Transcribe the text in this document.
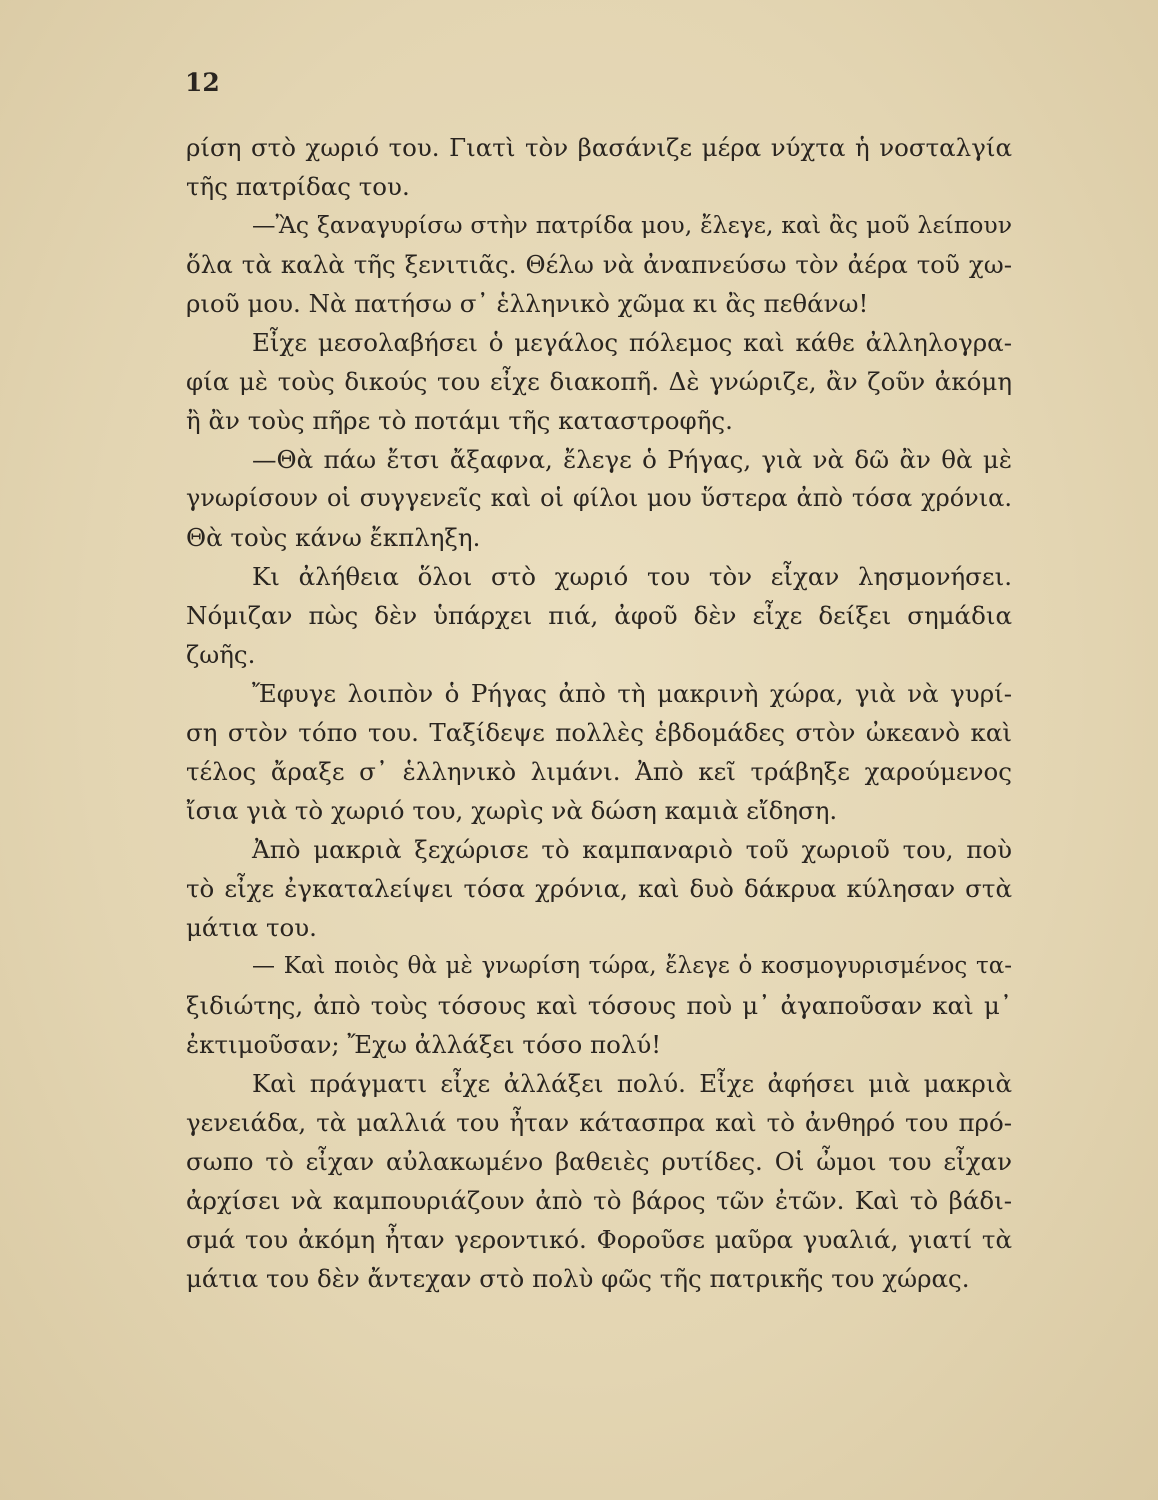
12
ρίση στὸ χωριό του. Γιατὶ τὸν βασάνιζε μέρα νύχτα ἡ νοσταλγία
τῆς πατρίδας του.
—Ἂς ξαναγυρίσω στὴν πατρίδα μου, ἔλεγε, καὶ ἂς μοῦ λείπουν
ὅλα τὰ καλὰ τῆς ξενιτιᾶς. Θέλω νὰ ἀναπνεύσω τὸν ἀέρα τοῦ χω-
ριοῦ μου. Νὰ πατήσω σ᾿ ἑλληνικὸ χῶμα κι ἂς πεθάνω!
Εἶχε μεσολαβήσει ὁ μεγάλος πόλεμος καὶ κάθε ἀλληλογρα-
φία μὲ τοὺς δικούς του εἶχε διακοπῆ. Δὲ γνώριζε, ἂν ζοῦν ἀκόμη
ἢ ἂν τοὺς πῆρε τὸ ποτάμι τῆς καταστροφῆς.
—Θὰ πάω ἔτσι ἄξαφνα, ἔλεγε ὁ Ρήγας, γιὰ νὰ δῶ ἂν θὰ μὲ
γνωρίσουν οἱ συγγενεῖς καὶ οἱ φίλοι μου ὕστερα ἀπὸ τόσα χρόνια.
Θὰ τοὺς κάνω ἔκπληξη.
Κι ἀλήθεια ὅλοι στὸ χωριό του τὸν εἶχαν λησμονήσει.
Νόμιζαν πὼς δὲν ὑπάρχει πιά, ἀφοῦ δὲν εἶχε δείξει σημάδια
ζωῆς.
Ἔφυγε λοιπὸν ὁ Ρήγας ἀπὸ τὴ μακρινὴ χώρα, γιὰ νὰ γυρί-
ση στὸν τόπο του. Ταξίδεψε πολλὲς ἑβδομάδες στὸν ὠκεανὸ καὶ
τέλος ἄραξε σ᾿ ἑλληνικὸ λιμάνι. Ἀπὸ κεῖ τράβηξε χαρούμενος
ἴσια γιὰ τὸ χωριό του, χωρὶς νὰ δώση καμιὰ εἴδηση.
Ἀπὸ μακριὰ ξεχώρισε τὸ καμπαναριὸ τοῦ χωριοῦ του, ποὺ
τὸ εἶχε ἐγκαταλείψει τόσα χρόνια, καὶ δυὸ δάκρυα κύλησαν στὰ
μάτια του.
— Καὶ ποιὸς θὰ μὲ γνωρίση τώρα, ἔλεγε ὁ κοσμογυρισμένος τα-
ξιδιώτης, ἀπὸ τοὺς τόσους καὶ τόσους ποὺ μ᾿ ἀγαποῦσαν καὶ μ᾿
ἐκτιμοῦσαν; Ἔχω ἀλλάξει τόσο πολύ!
Καὶ πράγματι εἶχε ἀλλάξει πολύ. Εἶχε ἀφήσει μιὰ μακριὰ
γενειάδα, τὰ μαλλιά του ἦταν κάτασπρα καὶ τὸ ἀνθηρό του πρό-
σωπο τὸ εἶχαν αὐλακωμένο βαθειὲς ρυτίδες. Οἱ ὦμοι του εἶχαν
ἀρχίσει νὰ καμπουριάζουν ἀπὸ τὸ βάρος τῶν ἐτῶν. Καὶ τὸ βάδι-
σμά του ἀκόμη ἦταν γεροντικό. Φοροῦσε μαῦρα γυαλιά, γιατί τὰ
μάτια του δὲν ἄντεχαν στὸ πολὺ φῶς τῆς πατρικῆς του χώρας.
